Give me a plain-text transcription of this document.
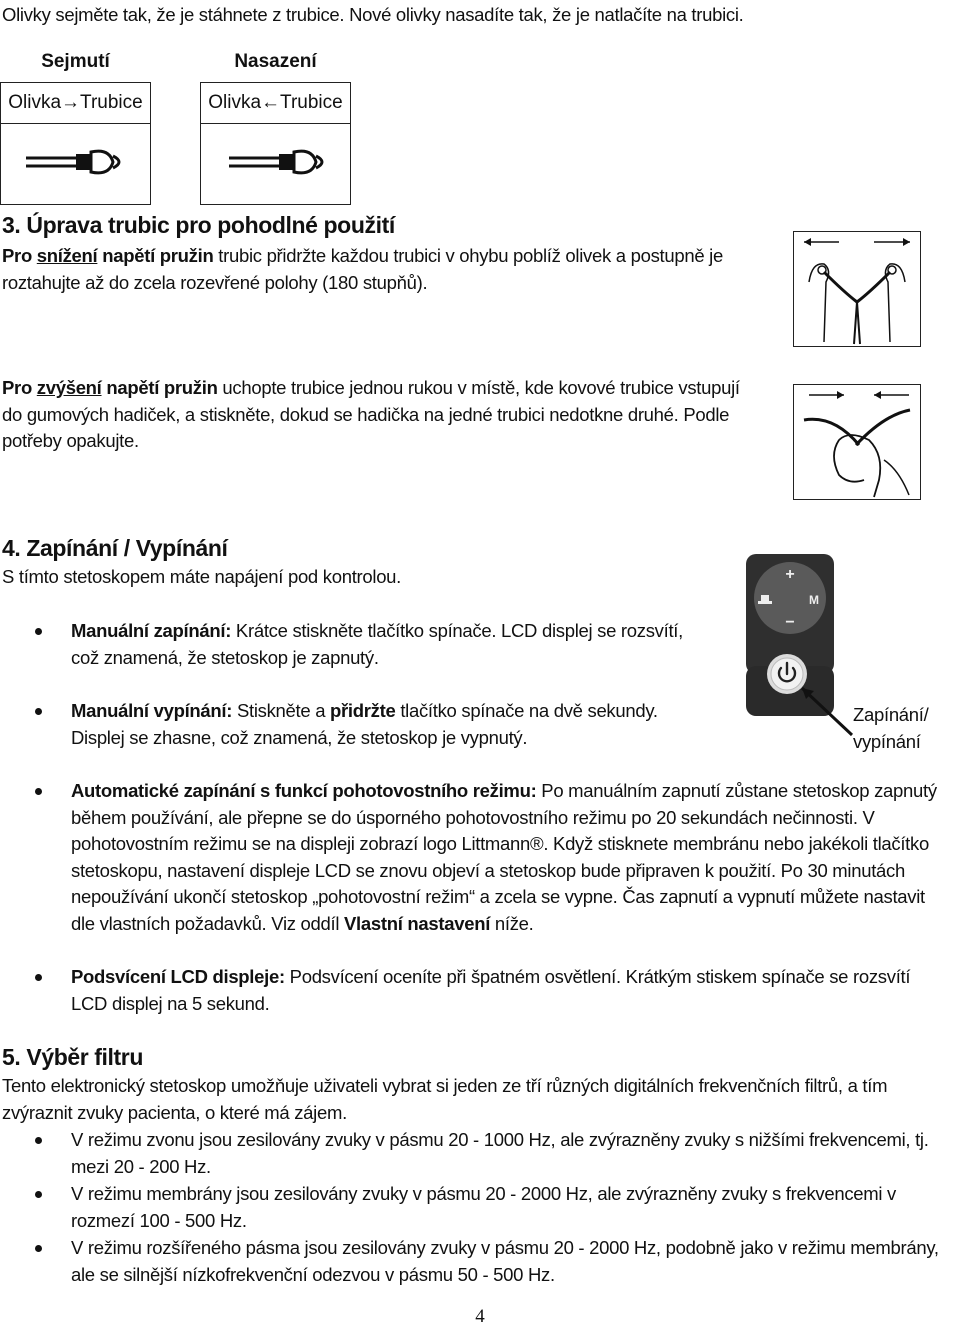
Olivky sejměte tak, že je stáhnete z trubice. Nové olivky nasadíte tak, že je natlačíte na trubici.
Sejmutí		Nasazení
Olivka→Trubice		Olivka←Trubice

3. Úprava trubic pro pohodlné použití
Pro snížení napětí pružin trubic přidržte každou trubici v ohybu poblíž olivek a postupně je roztahujte až do zcela rozevřené polohy (180 stupňů).
Pro zvýšení napětí pružin uchopte trubice jednou rukou v místě, kde kovové trubice vstupují do gumových hadiček, a stiskněte, dokud se hadička na jedné trubici nedotkne druhé. Podle potřeby opakujte.
4. Zapínání / Vypínání
S tímto stetoskopem máte napájení pod kontrolou.
Manuální zapínání: Krátce stiskněte tlačítko spínače. LCD displej se rozsvítí, což znamená, že stetoskop je zapnutý.
Manuální vypínání: Stiskněte a přidržte tlačítko spínače na dvě sekundy. Displej se zhasne, což znamená, že stetoskop je vypnutý.
+
−
M
Zapínání/ vypínání
Automatické zapínání s funkcí pohotovostního režimu: Po manuálním zapnutí zůstane stetoskop zapnutý během používání, ale přepne se do úsporného pohotovostního režimu po 20 sekundách nečinnosti. V pohotovostním režimu se na displeji zobrazí logo Littmann®. Když stisknete membránu nebo jakékoli tlačítko stetoskopu, nastavení displeje LCD se znovu objeví a stetoskop bude připraven k použití. Po 30 minutách nepoužívání ukončí stetoskop „pohotovostní režim“ a zcela se vypne. Čas zapnutí a vypnutí můžete nastavit dle vlastních požadavků. Viz oddíl Vlastní nastavení níže.
Podsvícení LCD displeje: Podsvícení oceníte při špatném osvětlení. Krátkým stiskem spínače se rozsvítí LCD displej na 5 sekund.
5. Výběr filtru
Tento elektronický stetoskop umožňuje uživateli vybrat si jeden ze tří různých digitálních frekvenčních filtrů, a tím zvýraznit zvuky pacienta, o které má zájem.
V režimu zvonu jsou zesilovány zvuky v pásmu 20 - 1000 Hz, ale zvýrazněny zvuky s nižšími frekvencemi, tj. mezi 20 - 200 Hz.
V režimu membrány jsou zesilovány zvuky v pásmu 20 - 2000 Hz, ale zvýrazněny zvuky s frekvencemi v rozmezí 100 - 500 Hz.
V režimu rozšířeného pásma jsou zesilovány zvuky v pásmu 20 - 2000 Hz, podobně jako v režimu membrány, ale se silnější nízkofrekvenční odezvou v pásmu 50 - 500 Hz.
4
